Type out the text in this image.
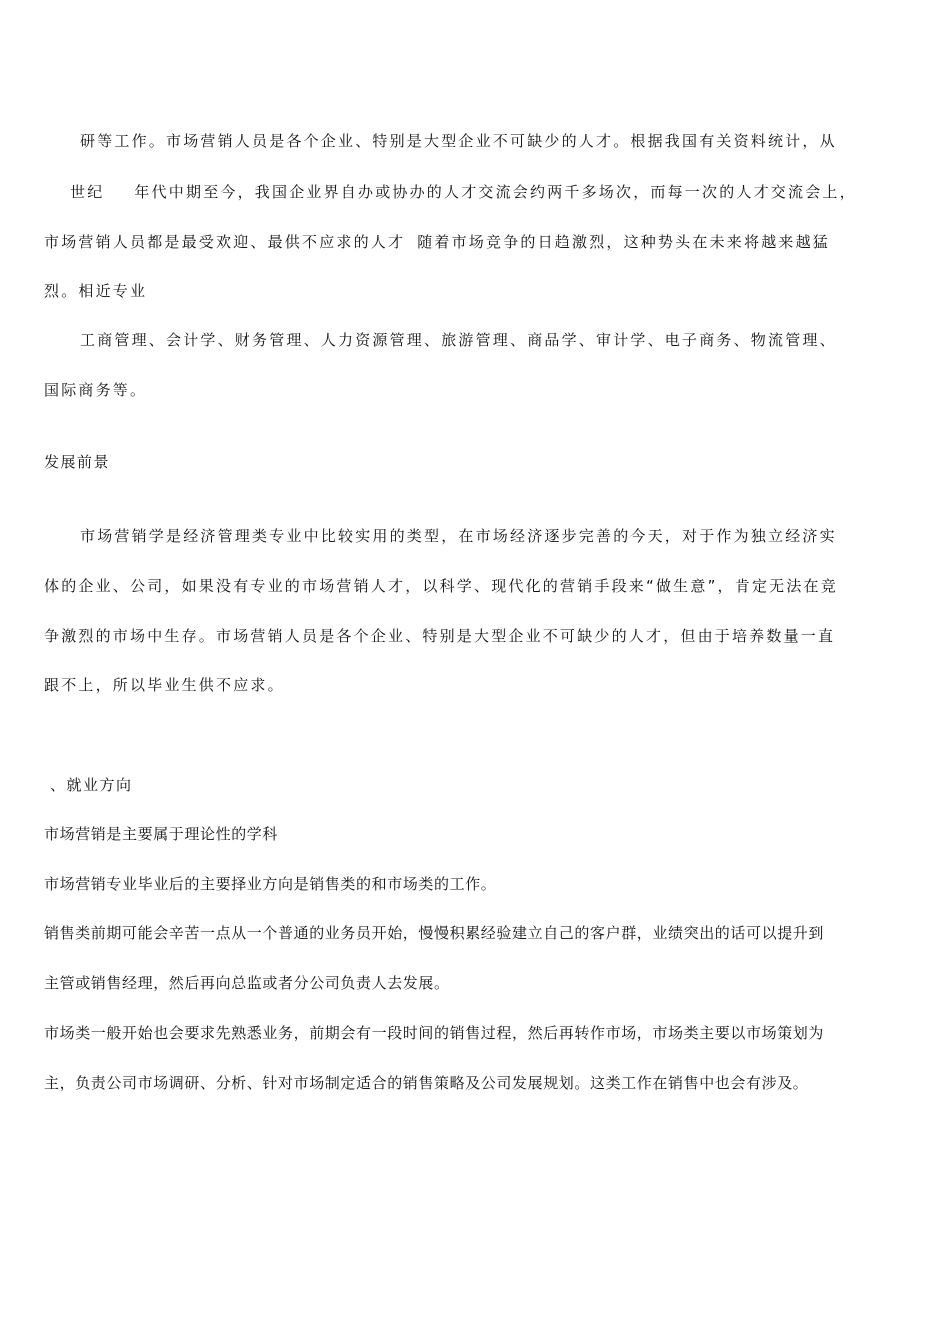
研等工作。市场营销人员是各个企业、特别是大型企业不可缺少的人才。根据我国有关资料统计，从

世纪 年代中期至今，我国企业界自办或协办的人才交流会约两千多场次，而每一次的人才交流会上，

市场营销人员都是最受欢迎、最供不应求的人才 随着市场竞争的日趋激烈，这种势头在未来将越来越猛

烈。相近专业

工商管理、会计学、财务管理、人力资源管理、旅游管理、商品学、审计学、电子商务、物流管理、

国际商务等。

发展前景

市场营销学是经济管理类专业中比较实用的类型，在市场经济逐步完善的今天，对于作为独立经济实

体的企业、公司，如果没有专业的市场营销人才，以科学、现代化的营销手段来“做生意”，肯定无法在竞

争激烈的市场中生存。市场营销人员是各个企业、特别是大型企业不可缺少的人才，但由于培养数量一直

跟不上，所以毕业生供不应求。

、就业方向

市场营销是主要属于理论性的学科

市场营销专业毕业后的主要择业方向是销售类的和市场类的工作。

销售类前期可能会辛苦一点从一个普通的业务员开始，慢慢积累经验建立自己的客户群，业绩突出的话可以提升到

主管或销售经理，然后再向总监或者分公司负责人去发展。

市场类一般开始也会要求先熟悉业务，前期会有一段时间的销售过程，然后再转作市场，市场类主要以市场策划为

主，负责公司市场调研、分析、针对市场制定适合的销售策略及公司发展规划。这类工作在销售中也会有涉及。
